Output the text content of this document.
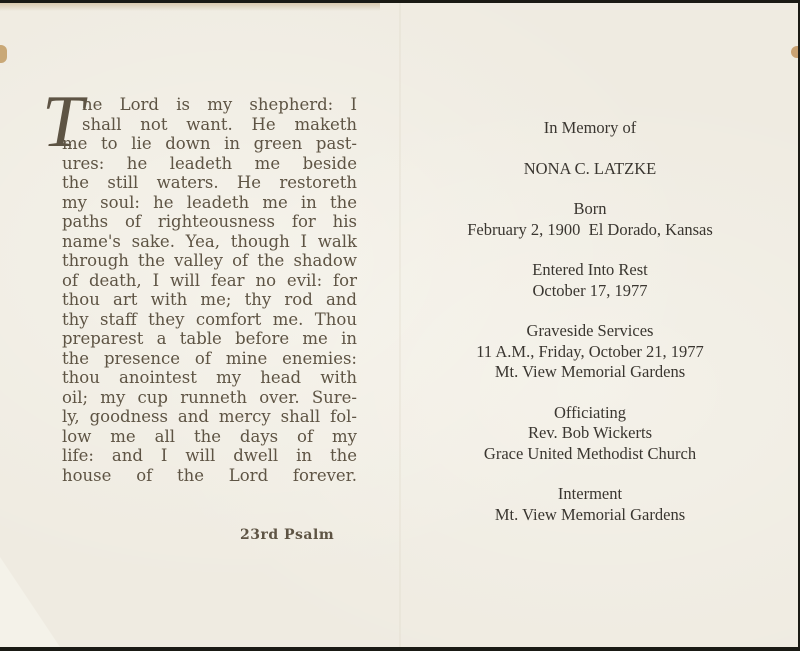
T
he Lord is my shepherd: I
shall not want. He maketh
me to lie down in green past-
ures: he leadeth me beside
the still waters. He restoreth
my soul: he leadeth me in the
paths of righteousness for his
name's sake. Yea, though I walk
through the valley of the shadow
of death, I will fear no evil: for
thou art with me; thy rod and
thy staff they comfort me. Thou
preparest a table before me in
the presence of mine enemies:
thou anointest my head with
oil; my cup runneth over. Sure-
ly, goodness and mercy shall fol-
low me all the days of my
life: and I will dwell in the
house of the Lord forever.
23rd Psalm
In Memory of
NONA C. LATZKE
Born
February 2, 1900  El Dorado, Kansas
Entered Into Rest
October 17, 1977
Graveside Services
11 A.M., Friday, October 21, 1977
Mt. View Memorial Gardens
Officiating
Rev. Bob Wickerts
Grace United Methodist Church
Interment
Mt. View Memorial Gardens
